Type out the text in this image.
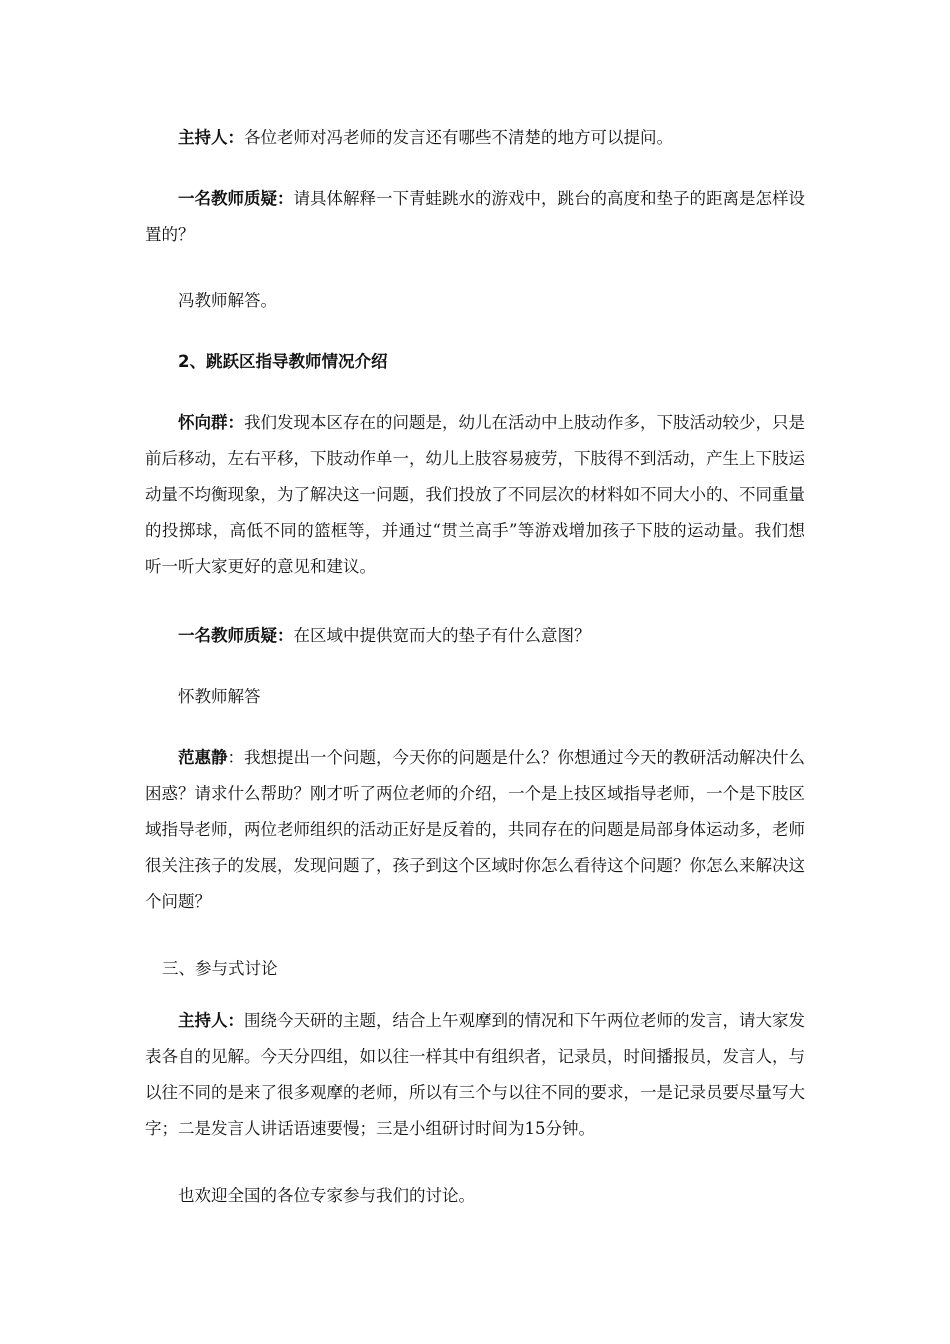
主持人：各位老师对冯老师的发言还有哪些不清楚的地方可以提问。

一名教师质疑：请具体解释一下青蛙跳水的游戏中，跳台的高度和垫子的距离是怎样设置的？

冯教师解答。

2、跳跃区指导教师情况介绍

怀向群：我们发现本区存在的问题是，幼儿在活动中上肢动作多，下肢活动较少，只是前后移动，左右平移，下肢动作单一，幼儿上肢容易疲劳，下肢得不到活动，产生上下肢运动量不均衡现象，为了解决这一问题，我们投放了不同层次的材料如不同大小的、不同重量的投掷球，高低不同的篮框等，并通过“贯兰高手”等游戏增加孩子下肢的运动量。我们想听一听大家更好的意见和建议。

一名教师质疑：在区域中提供宽而大的垫子有什么意图？

怀教师解答

范惠静：我想提出一个问题，今天你的问题是什么？你想通过今天的教研活动解决什么困惑？请求什么帮助？刚才听了两位老师的介绍，一个是上技区域指导老师，一个是下肢区域指导老师，两位老师组织的活动正好是反着的，共同存在的问题是局部身体运动多，老师很关注孩子的发展，发现问题了，孩子到这个区域时你怎么看待这个问题？你怎么来解决这个问题？

三、参与式讨论

主持人：围绕今天研的主题，结合上午观摩到的情况和下午两位老师的发言，请大家发表各自的见解。今天分四组，如以往一样其中有组织者，记录员，时间播报员，发言人，与以往不同的是来了很多观摩的老师，所以有三个与以往不同的要求，一是记录员要尽量写大字；二是发言人讲话语速要慢；三是小组研讨时间为15分钟。

也欢迎全国的各位专家参与我们的讨论。
